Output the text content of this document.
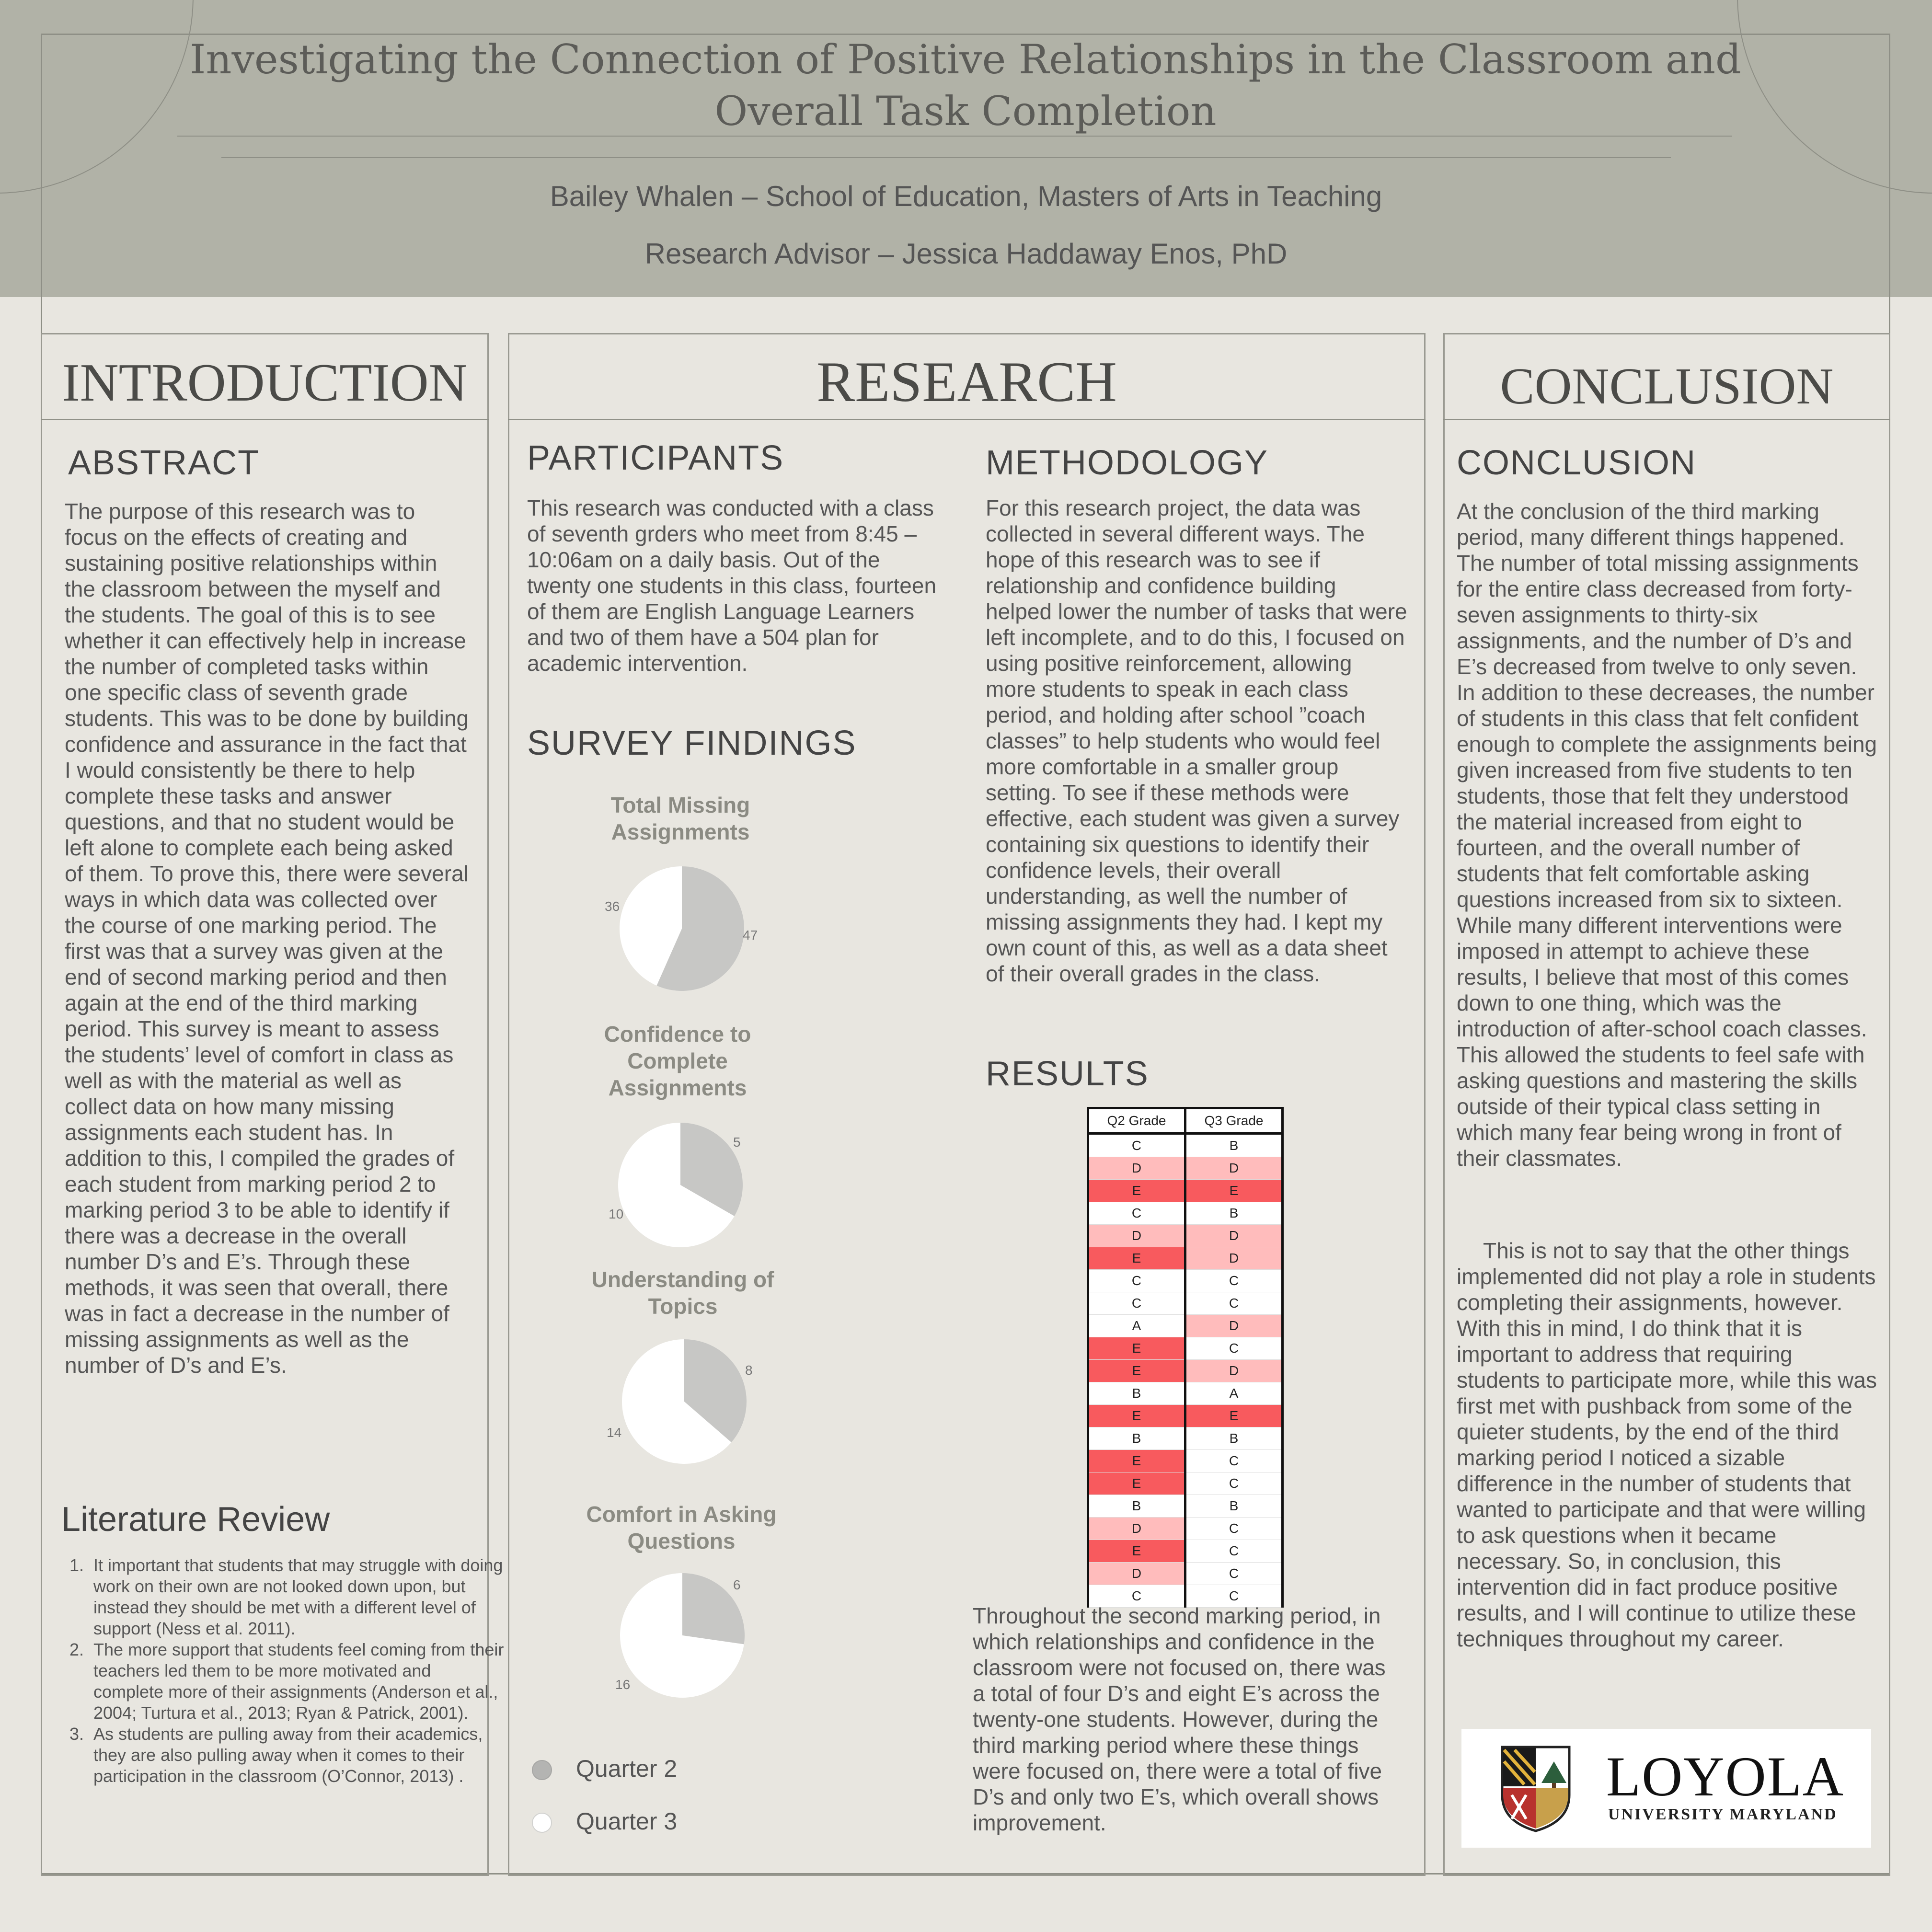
Investigating the Connection of Positive Relationships in the Classroom and Overall Task Completion
Bailey Whalen – School of Education, Masters of Arts in Teaching
Research Advisor – Jessica Haddaway Enos, PhD
INTRODUCTION
ABSTRACT
The purpose of this research was to focus on the effects of creating and sustaining positive relationships within the classroom between the myself and the students. The goal of this is to see whether it can effectively help in increase the number of completed tasks within one specific class of seventh grade students. This was to be done by building confidence and assurance in the fact that I would consistently be there to help complete these tasks and answer questions, and that no student would be left alone to complete each being asked of them. To prove this, there were several ways in which data was collected over the course of one marking period. The first was that a survey was given at the end of second marking period and then again at the end of the third marking period. This survey is meant to assess the students’ level of comfort in class as well as with the material as well as collect data on how many missing assignments each student has. In addition to this, I compiled the grades of each student from marking period 2 to marking period 3 to be able to identify if there was a decrease in the overall number D’s and E’s. Through these methods, it was seen that overall, there was in fact a decrease in the number of missing assignments as well as the number of D’s and E’s.
Literature Review
1. It important that students that may struggle with doing work on their own are not looked down upon, but instead they should be met with a different level of support (Ness et al. 2011).
2. The more support that students feel coming from their teachers led them to be more motivated and complete more of their assignments (Anderson et al., 2004; Turtura et al., 2013; Ryan & Patrick, 2001).
3. As students are pulling away from their academics, they are also pulling away when it comes to their participation in the classroom (O’Connor, 2013) .
RESEARCH
PARTICIPANTS
This research was conducted with a class of seventh grders who meet from 8:45 – 10:06am on a daily basis. Out of the twenty one students in this class, fourteen of them are English Language Learners and two of them have a 504 plan for academic intervention.
SURVEY FINDINGS
Total Missing Assignments
36
47
Confidence to Complete Assignments
5
10
Understanding of Topics
8
14
Comfort in Asking Questions
6
16
Quarter 2
Quarter 3
METHODOLOGY
For this research project, the data was collected in several different ways. The hope of this research was to see if relationship and confidence building helped lower the number of tasks that were left incomplete, and to do this, I focused on using positive reinforcement, allowing more students to speak in each class period, and holding after school ”coach classes” to help students who would feel more comfortable in a smaller group setting. To see if these methods were effective, each student was given a survey containing six questions to identify their confidence levels, their overall understanding, as well the number of missing assignments they had. I kept my own count of this, as well as a data sheet of their overall grades in the class.
RESULTS
Q2 Grade	Q3 Grade
C	B
D	D
E	E
C	B
D	D
E	D
C	C
C	C
A	D
E	C
E	D
B	A
E	E
B	B
E	C
E	C
B	B
D	C
E	C
D	C
C	C
Throughout the second marking period, in which relationships and confidence in the classroom were not focused on, there was a total of four D’s and eight E’s across the twenty-one students. However, during the third marking period where these things were focused on, there were a total of five D’s and only two E’s, which overall shows improvement.
CONCLUSION
CONCLUSION
At the conclusion of the third marking period, many different things happened. The number of total missing assignments for the entire class decreased from forty-seven assignments to thirty-six assignments, and the number of D’s and E’s decreased from twelve to only seven. In addition to these decreases, the number of students in this class that felt confident enough to complete the assignments being given increased from five students to ten students, those that felt they understood the material increased from eight to fourteen, and the overall number of students that felt comfortable asking questions increased from six to sixteen. While many different interventions were imposed in attempt to achieve these results, I believe that most of this comes down to one thing, which was the introduction of after-school coach classes. This allowed the students to feel safe with asking questions and mastering the skills outside of their typical class setting in which many fear being wrong in front of their classmates.
This is not to say that the other things implemented did not play a role in students completing their assignments, however. With this in mind, I do think that it is important to address that requiring students to participate more, while this was first met with pushback from some of the quieter students, by the end of the third marking period I noticed a sizable difference in the number of students that wanted to participate and that were willing to ask questions when it became necessary. So, in conclusion, this intervention did in fact produce positive results, and I will continue to utilize these techniques throughout my career.
LOYOLA
UNIVERSITY MARYLAND
